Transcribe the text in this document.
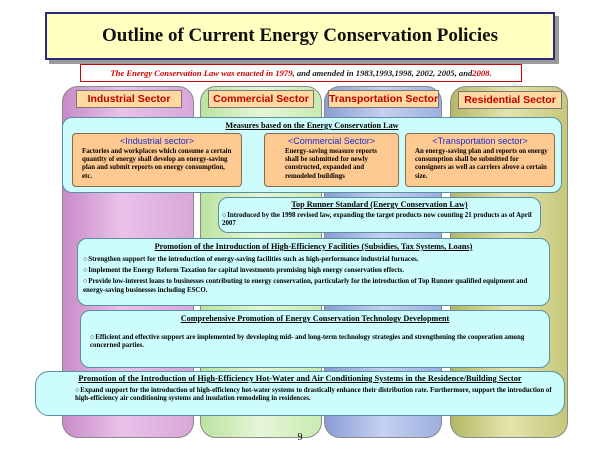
Outline of Current Energy Conservation Policies
The Energy Conservation Law was enacted in 1979 , and amended in 1983,1993,1998, 2002, 2005, and 2008.
Industrial Sector	Commercial Sector	Transportation Sector	Residential Sector
Measures based on the Energy Conservation Law
<Industrial sector>
Factories and workplaces which consume a certain quantity of energy shall develop an energy-saving plan and submit reports on energy consumption, etc.
<Commercial Sector>
Energy-saving measure reports shall be submitted for newly constructed, expanded and remodeled buildings
<Transportation sector>
An energy-saving plan and reports on energy consumption shall be submitted for consigners as well as carriers above a certain size.
Top Runner Standard (Energy Conservation Law)
○ Introduced by the 1998 revised law, expanding the target products now counting 21 products as of April 2007
Promotion of the Introduction of High-Efficiency Facilities (Subsidies, Tax Systems, Loans)
○ Strengthen support for the introduction of energy-saving facilities such as high-performance industrial furnaces.
○ Implement the Energy Reform Taxation for capital investments promising high energy conservation effects.
○ Provide low-interest loans to businesses contributing to energy conservation, particularly for the introduction of Top Runner qualified equipment and energy-saving businesses including ESCO.
Comprehensive Promotion of Energy Conservation Technology Development
○ Efficient and effective support are implemented by developing mid- and long-term technology strategies and strengthening the cooperation among concerned parties.
Promotion of the Introduction of High-Efficiency Hot-Water and Air Conditioning Systems in the Residence/Building Sector
○ Expand support for the introduction of high-efficiency hot-water systems to drastically enhance their distribution rate. Furthermore, support the introduction of high-efficiency air conditioning systems and insulation remodeling in residences.
9
